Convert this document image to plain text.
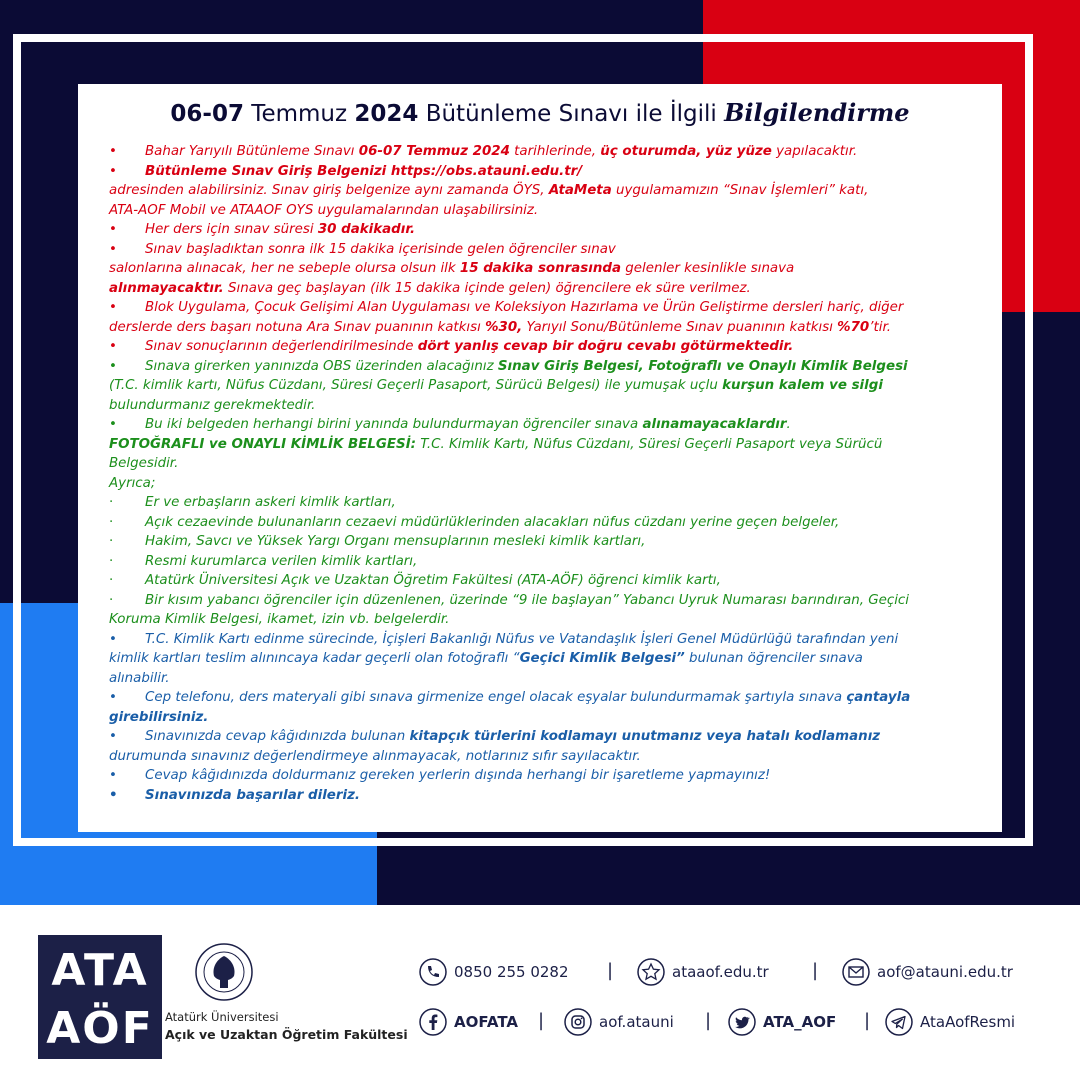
06-07 Temmuz 2024 Bütünleme Sınavı ile İlgili Bilgilendirme
• Bahar Yarıyılı Bütünleme Sınavı 06-07 Temmuz 2024 tarihlerinde, üç oturumda, yüz yüze yapılacaktır.
• Bütünleme Sınav Giriş Belgenizi https://obs.atauni.edu.tr/
adresinden alabilirsiniz. Sınav giriş belgenize aynı zamanda ÖYS, AtaMeta uygulamamızın “Sınav İşlemleri” katı,
ATA-AOF Mobil ve ATAAOF OYS uygulamalarından ulaşabilirsiniz.
• Her ders için sınav süresi 30 dakikadır.
• Sınav başladıktan sonra ilk 15 dakika içerisinde gelen öğrenciler sınav
salonlarına alınacak, her ne sebeple olursa olsun ilk 15 dakika sonrasında gelenler kesinlikle sınava
alınmayacaktır. Sınava geç başlayan (ilk 15 dakika içinde gelen) öğrencilere ek süre verilmez.
• Blok Uygulama, Çocuk Gelişimi Alan Uygulaması ve Koleksiyon Hazırlama ve Ürün Geliştirme dersleri hariç, diğer
derslerde ders başarı notuna Ara Sınav puanının katkısı %30, Yarıyıl Sonu/Bütünleme Sınav puanının katkısı %70’tir.
• Sınav sonuçlarının değerlendirilmesinde dört yanlış cevap bir doğru cevabı götürmektedir.
• Sınava girerken yanınızda OBS üzerinden alacağınız Sınav Giriş Belgesi, Fotoğraflı ve Onaylı Kimlik Belgesi
(T.C. kimlik kartı, Nüfus Cüzdanı, Süresi Geçerli Pasaport, Sürücü Belgesi) ile yumuşak uçlu kurşun kalem ve silgi
bulundurmanız gerekmektedir.
• Bu iki belgeden herhangi birini yanında bulundurmayan öğrenciler sınava alınamayacaklardır.
FOTOĞRAFLI ve ONAYLI KİMLİK BELGESİ: T.C. Kimlik Kartı, Nüfus Cüzdanı, Süresi Geçerli Pasaport veya Sürücü
Belgesidir.
Ayrıca;
· Er ve erbaşların askeri kimlik kartları,
· Açık cezaevinde bulunanların cezaevi müdürlüklerinden alacakları nüfus cüzdanı yerine geçen belgeler,
· Hakim, Savcı ve Yüksek Yargı Organı mensuplarının mesleki kimlik kartları,
· Resmi kurumlarca verilen kimlik kartları,
· Atatürk Üniversitesi Açık ve Uzaktan Öğretim Fakültesi (ATA-AÖF) öğrenci kimlik kartı,
· Bir kısım yabancı öğrenciler için düzenlenen, üzerinde “9 ile başlayan” Yabancı Uyruk Numarası barındıran, Geçici
Koruma Kimlik Belgesi, ikamet, izin vb. belgelerdir.
• T.C. Kimlik Kartı edinme sürecinde, İçişleri Bakanlığı Nüfus ve Vatandaşlık İşleri Genel Müdürlüğü tarafından yeni
kimlik kartları teslim alınıncaya kadar geçerli olan fotoğraflı “Geçici Kimlik Belgesi” bulunan öğrenciler sınava
alınabilir.
• Cep telefonu, ders materyali gibi sınava girmenize engel olacak eşyalar bulundurmamak şartıyla sınava çantayla
girebilirsiniz.
• Sınavınızda cevap kâğıdınızda bulunan kitapçık türlerini kodlamayı unutmanız veya hatalı kodlamanız
durumunda sınavınız değerlendirmeye alınmayacak, notlarınız sıfır sayılacaktır.
• Cevap kâğıdınızda doldurmanız gereken yerlerin dışında herhangi bir işaretleme yapmayınız!
• Sınavınızda başarılar dileriz.
ATA
AÖF Atatürk Üniversitesi
Açık ve Uzaktan Öğretim Fakültesi
0850 255 0282 |	ataaof.edu.tr |	aof@atauni.edu.tr
AOFATA |	aof.atauni |	ATA_AOF |	AtaAofResmi
